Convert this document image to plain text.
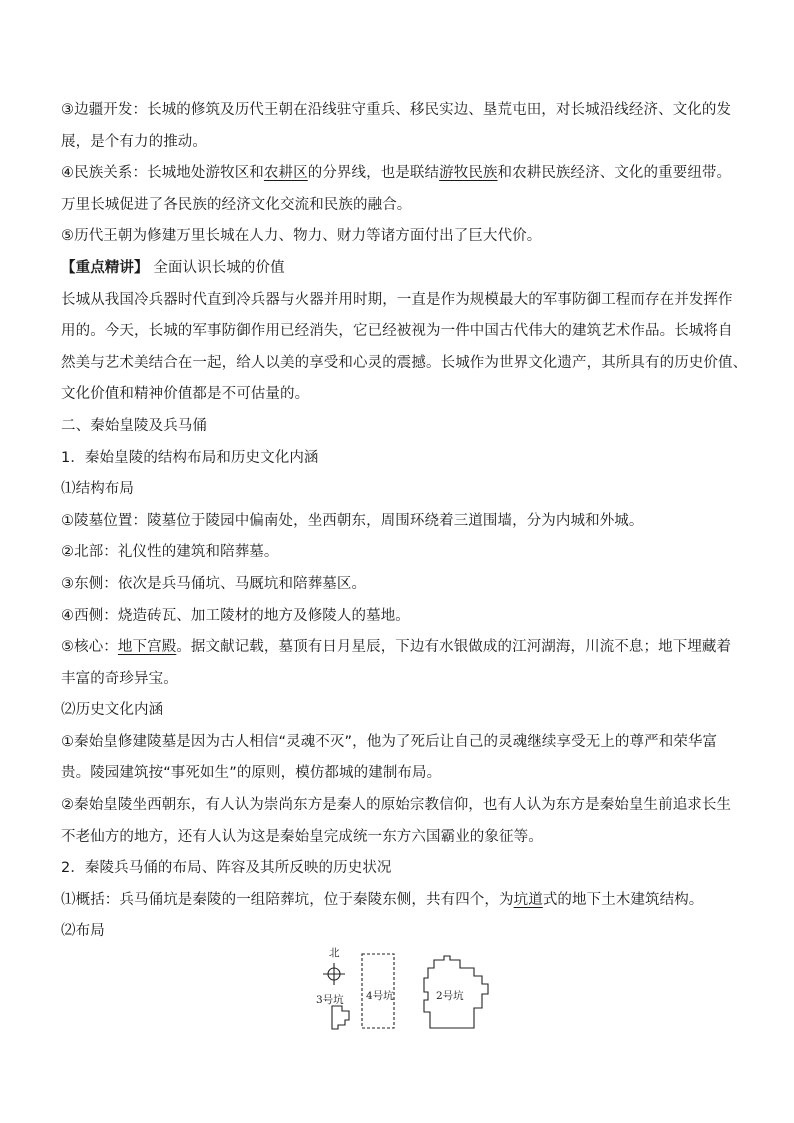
③边疆开发：长城的修筑及历代王朝在沿线驻守重兵、移民实边、垦荒屯田，对长城沿线经济、文化的发
展，是个有力的推动。
④民族关系：长城地处游牧区和农耕区的分界线，也是联结游牧民族和农耕民族经济、文化的重要纽带。
万里长城促进了各民族的经济文化交流和民族的融合。
⑤历代王朝为修建万里长城在人力、物力、财力等诸方面付出了巨大代价。
【重点精讲】 全面认识长城的价值
长城从我国冷兵器时代直到冷兵器与火器并用时期，一直是作为规模最大的军事防御工程而存在并发挥作
用的。今天，长城的军事防御作用已经消失，它已经被视为一件中国古代伟大的建筑艺术作品。长城将自
然美与艺术美结合在一起，给人以美的享受和心灵的震撼。长城作为世界文化遗产，其所具有的历史价值、
文化价值和精神价值都是不可估量的。
二、秦始皇陵及兵马俑
1．秦始皇陵的结构布局和历史文化内涵
⑴结构布局
①陵墓位置：陵墓位于陵园中偏南处，坐西朝东，周围环绕着三道围墙，分为内城和外城。
②北部：礼仪性的建筑和陪葬墓。
③东侧：依次是兵马俑坑、马厩坑和陪葬墓区。
④西侧：烧造砖瓦、加工陵材的地方及修陵人的墓地。
⑤核心：地下宫殿。据文献记载，墓顶有日月星辰，下边有水银做成的江河湖海，川流不息；地下埋藏着
丰富的奇珍异宝。
⑵历史文化内涵
①秦始皇修建陵墓是因为古人相信“灵魂不灭”，他为了死后让自己的灵魂继续享受无上的尊严和荣华富
贵。陵园建筑按“事死如生”的原则，模仿都城的建制布局。
②秦始皇陵坐西朝东，有人认为崇尚东方是秦人的原始宗教信仰，也有人认为东方是秦始皇生前追求长生
不老仙方的地方，还有人认为这是秦始皇完成统一东方六国霸业的象征等。
2．秦陵兵马俑的布局、阵容及其所反映的历史状况
⑴概括：兵马俑坑是秦陵的一组陪葬坑，位于秦陵东侧，共有四个，为坑道式的地下土木建筑结构。
⑵布局
北
3号坑 4号坑	2号坑
